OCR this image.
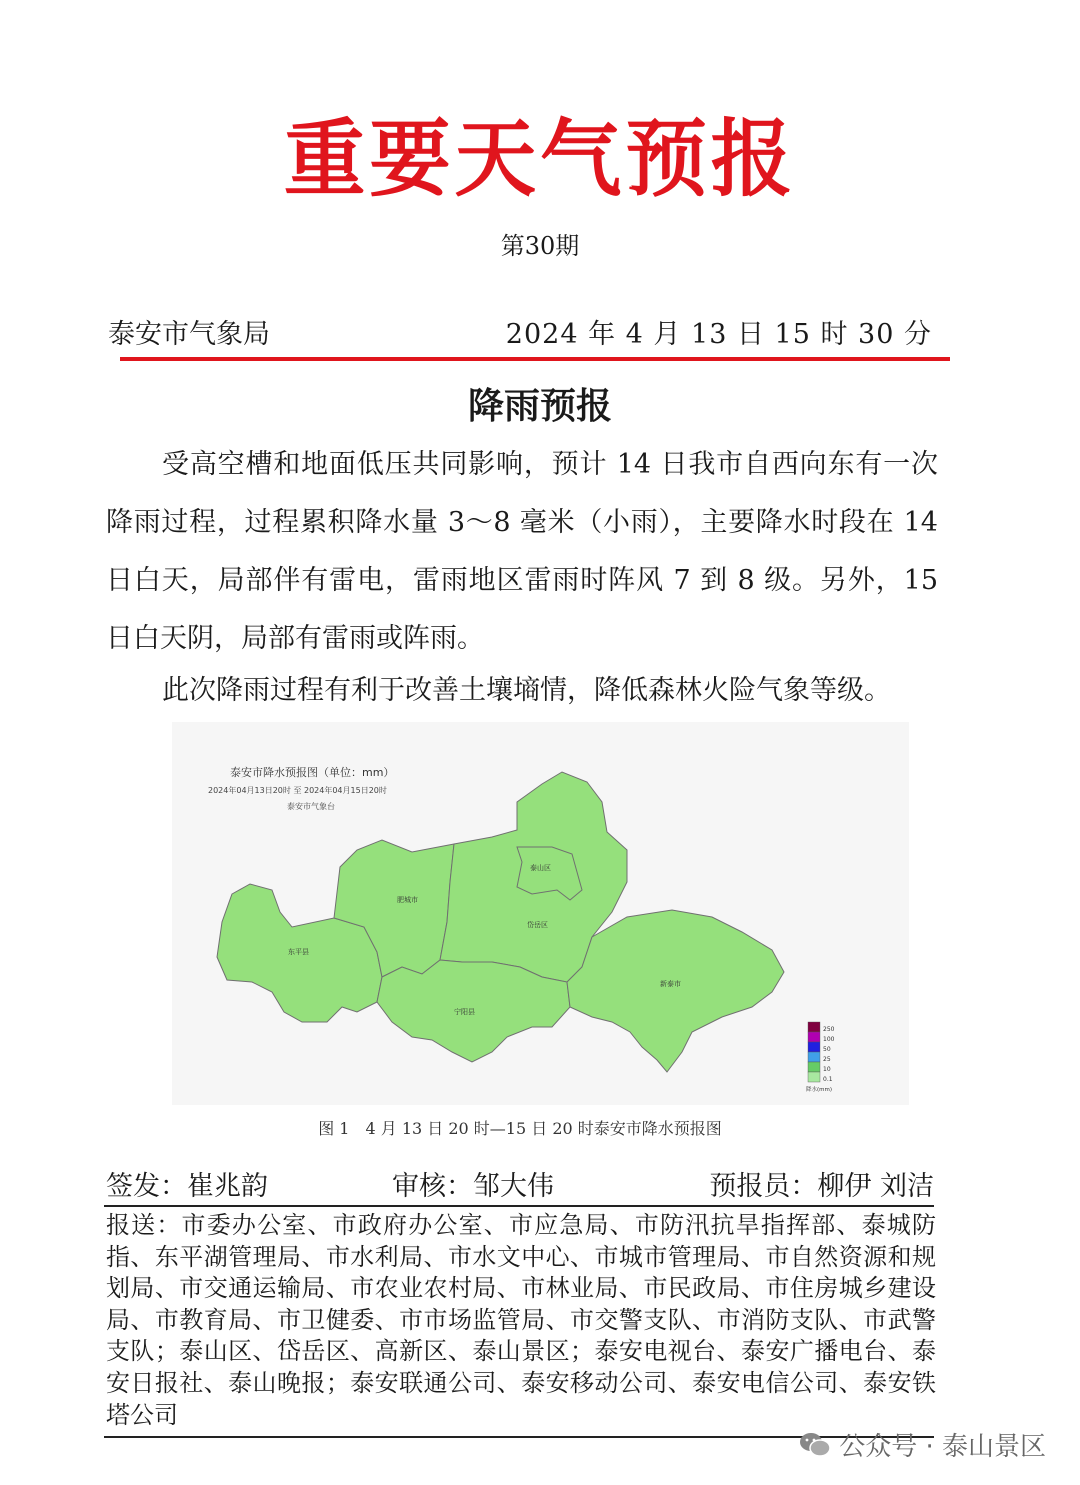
重要天气预报
第30期
泰安市气象局	2024 年 4 月 13 日 15 时 30 分
降雨预报
受高空槽和地面低压共同影响，预计 14 日我市自西向东有一次降雨过程，过程累积降水量 3～8 毫米（小雨），主要降水时段在 14 日白天，局部伴有雷电，雷雨地区雷雨时阵风 7 到 8 级。另外，15 日白天阴，局部有雷雨或阵雨。
此次降雨过程有利于改善土壤墒情，降低森林火险气象等级。
泰安市降水预报图（单位：mm）
2024年04月13日20时 至 2024年04月15日20时
泰安市气象台
东平县
肥城市
泰山区
岱岳区
宁阳县
新泰市
250
100
50
25
10
0.1
降水(mm)
图 1　4 月 13 日 20 时—15 日 20 时泰安市降水预报图
签发：崔兆韵	审核：邹大伟	预报员：柳伊 刘洁
报送：市委办公室、市政府办公室、市应急局、市防汛抗旱指挥部、泰城防指、东平湖管理局、市水利局、市水文中心、市城市管理局、市自然资源和规划局、市交通运输局、市农业农村局、市林业局、市民政局、市住房城乡建设局、市教育局、市卫健委、市市场监管局、市交警支队、市消防支队、市武警支队；泰山区、岱岳区、高新区、泰山景区；泰安电视台、泰安广播电台、泰安日报社、泰山晚报；泰安联通公司、泰安移动公司、泰安电信公司、泰安铁塔公司
公众号 · 泰山景区
